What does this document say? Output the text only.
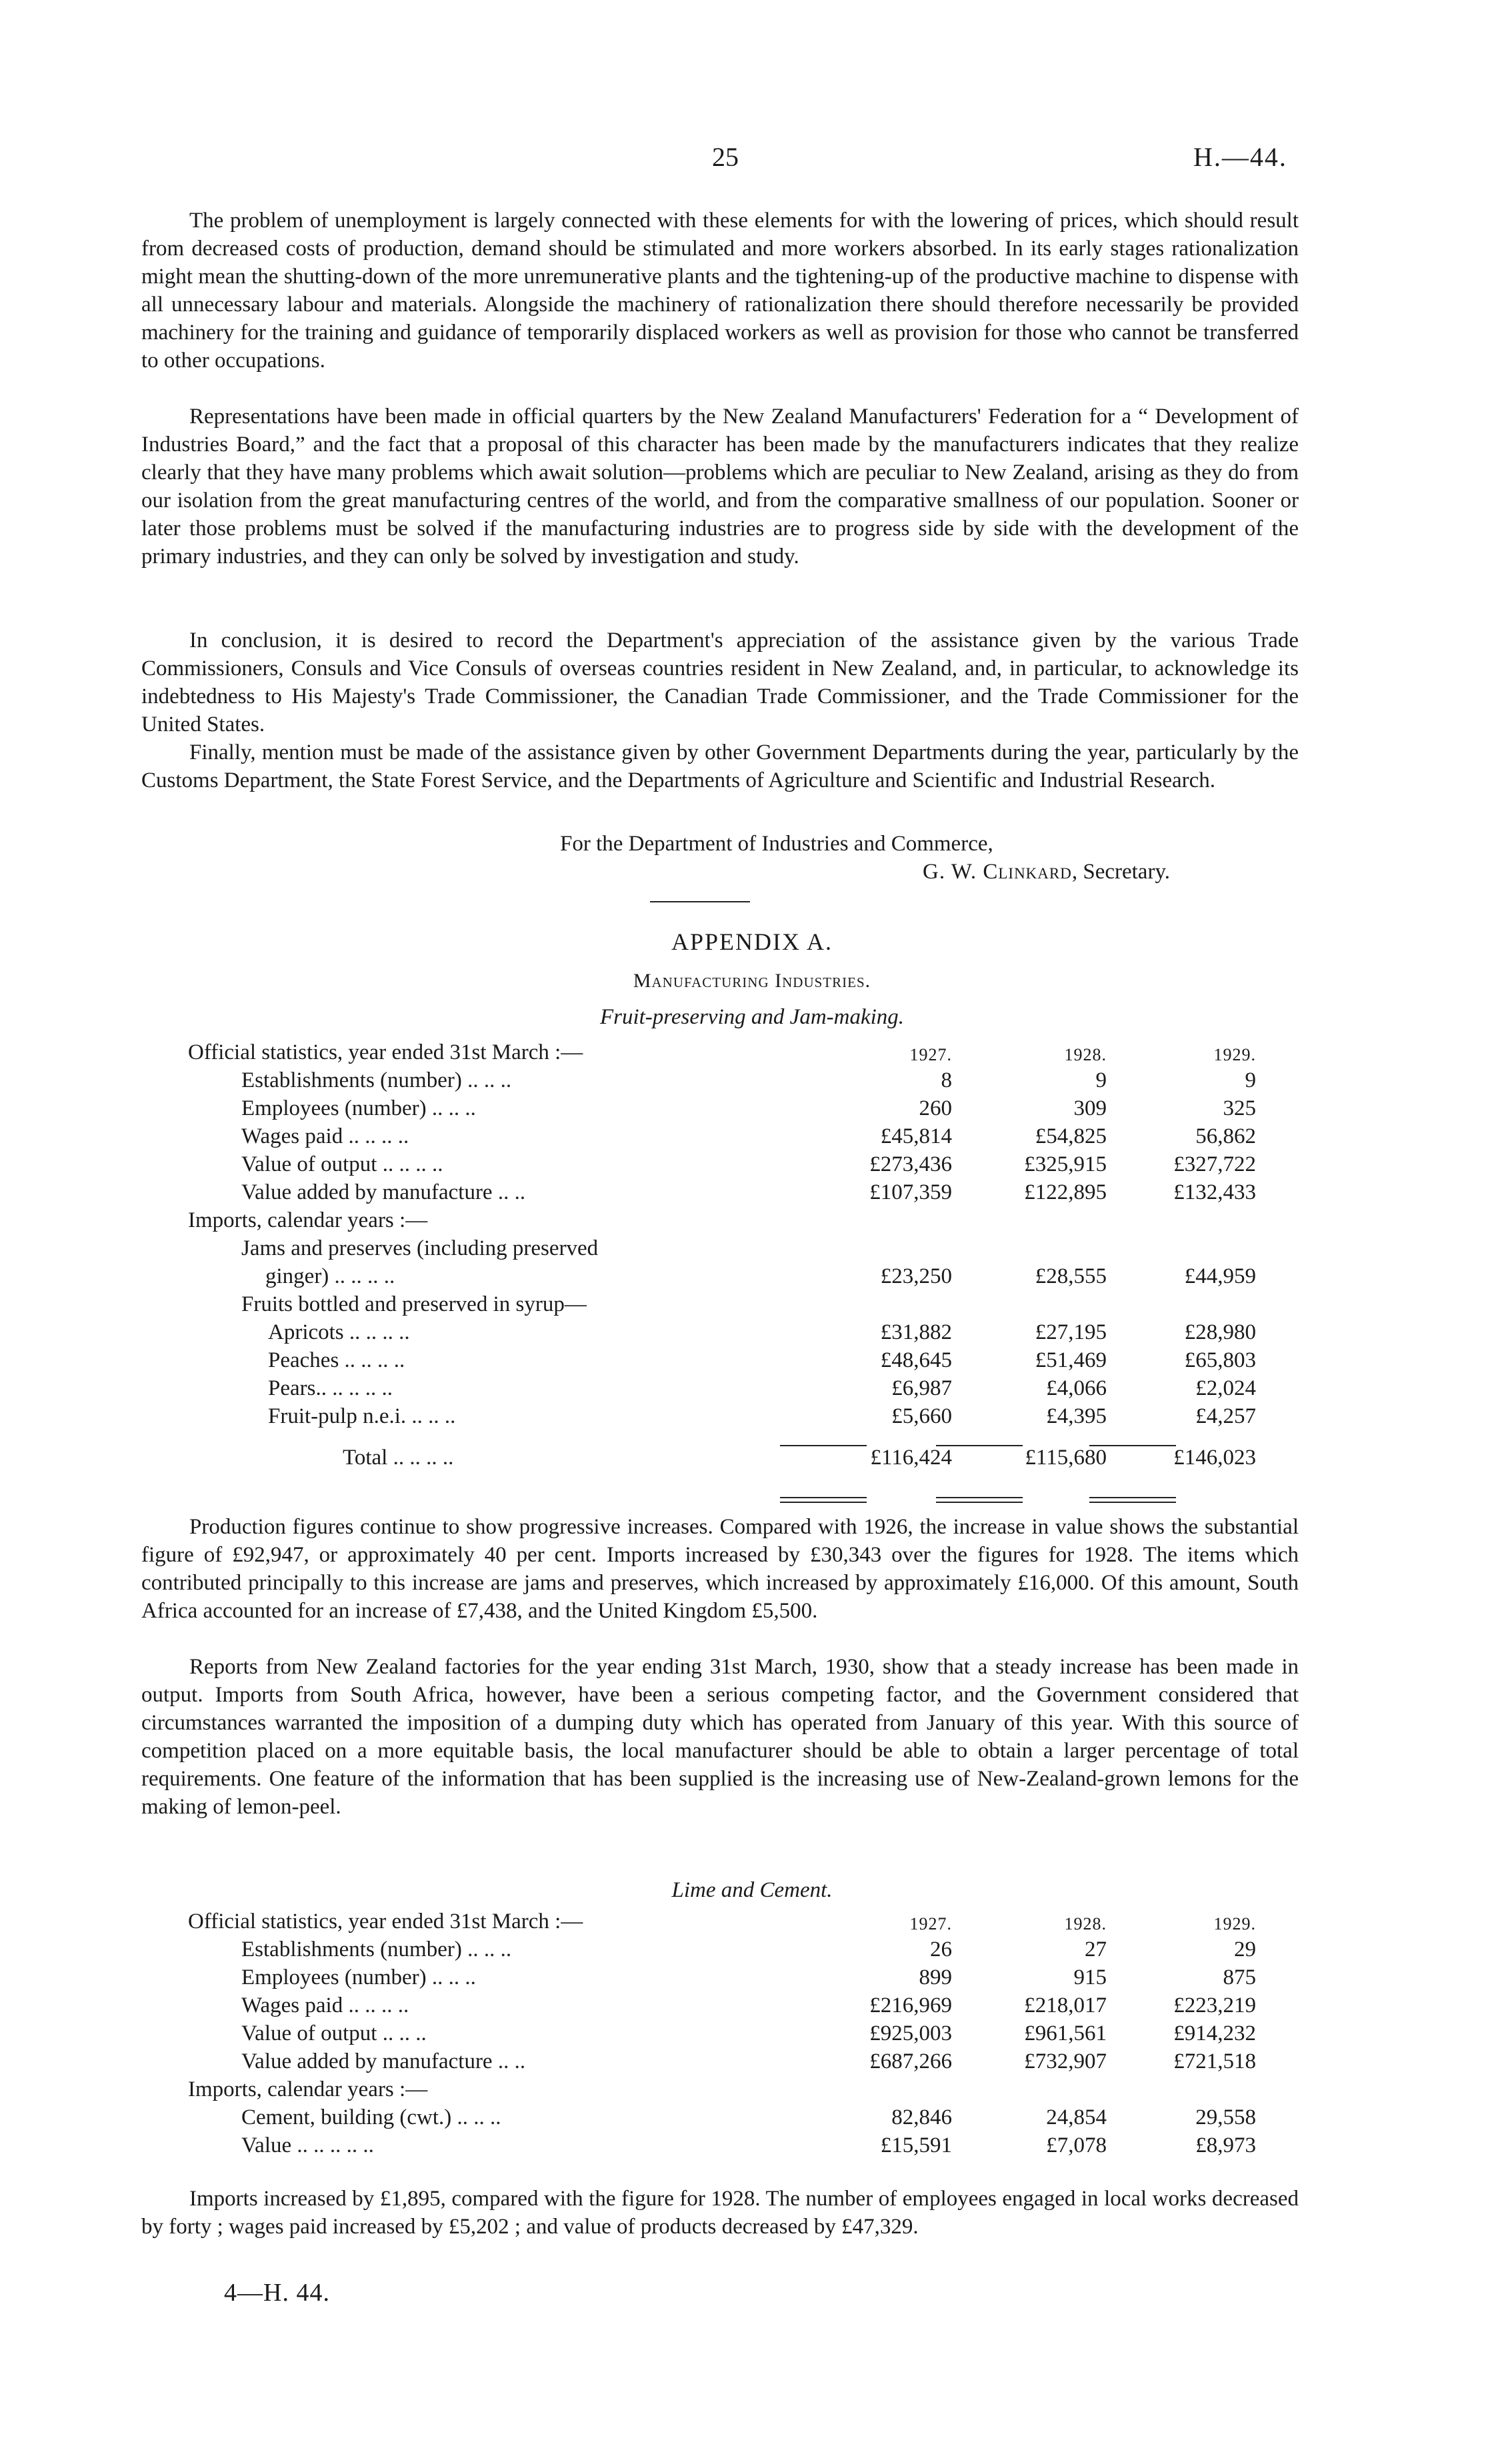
25	H.—44.

The problem of unemployment is largely connected with these elements for with the lowering of prices, which should result from decreased costs of production, demand should be stimulated and more workers absorbed. In its early stages rationalization might mean the shutting-down of the more unremunerative plants and the tightening-up of the productive machine to dispense with all unnecessary labour and materials. Alongside the machinery of rationalization there should therefore necessarily be provided machinery for the training and guidance of temporarily displaced workers as well as provision for those who cannot be transferred to other occupations.

Representations have been made in official quarters by the New Zealand Manufacturers' Federation for a “ Development of Industries Board,” and the fact that a proposal of this character has been made by the manufacturers indicates that they realize clearly that they have many problems which await solution—problems which are peculiar to New Zealand, arising as they do from our isolation from the great manufacturing centres of the world, and from the comparative smallness of our population. Sooner or later those problems must be solved if the manufacturing industries are to progress side by side with the development of the primary industries, and they can only be solved by investigation and study.

In conclusion, it is desired to record the Department's appreciation of the assistance given by the various Trade Commissioners, Consuls and Vice Consuls of overseas countries resident in New Zealand, and, in particular, to acknowledge its indebtedness to His Majesty's Trade Commissioner, the Canadian Trade Commissioner, and the Trade Commissioner for the United States.

Finally, mention must be made of the assistance given by other Government Departments during the year, particularly by the Customs Department, the State Forest Service, and the Departments of Agriculture and Scientific and Industrial Research.

For the Department of Industries and Commerce,
G. W. Clinkard, Secretary.
APPENDIX A.
Manufacturing Industries.
Fruit-preserving and Jam-making.
Official statistics, year ended 31st March :—	1927.	1928.	1929.
Establishments (number) .. .. ..	8	9	9
Employees (number) .. .. ..	260	309	325
Wages paid .. .. .. ..	£45,814	£54,825	56,862
Value of output .. .. .. ..	£273,436	£325,915	£327,722
Value added by manufacture .. ..	£107,359	£122,895	£132,433
Imports, calendar years :—			
Jams and preserves (including preserved			
ginger) .. .. .. ..	£23,250	£28,555	£44,959
Fruits bottled and preserved in syrup—			
Apricots .. .. .. ..	£31,882	£27,195	£28,980
Peaches .. .. .. ..	£48,645	£51,469	£65,803
Pears.. .. .. .. ..	£6,987	£4,066	£2,024
Fruit-pulp n.e.i. .. .. ..	£5,660	£4,395	£4,257

Total .. .. .. ..	£116,424	£115,680	£146,023

Production figures continue to show progressive increases. Compared with 1926, the increase in value shows the substantial figure of £92,947, or approximately 40 per cent. Imports increased by £30,343 over the figures for 1928. The items which contributed principally to this increase are jams and preserves, which increased by approximately £16,000. Of this amount, South Africa accounted for an increase of £7,438, and the United Kingdom £5,500.

Reports from New Zealand factories for the year ending 31st March, 1930, show that a steady increase has been made in output. Imports from South Africa, however, have been a serious competing factor, and the Government considered that circumstances warranted the imposition of a dumping duty which has operated from January of this year. With this source of competition placed on a more equitable basis, the local manufacturer should be able to obtain a larger percentage of total requirements. One feature of the information that has been supplied is the increasing use of New-Zealand-grown lemons for the making of lemon-peel.

Lime and Cement.
Official statistics, year ended 31st March :—	1927.	1928.	1929.
Establishments (number) .. .. ..	26	27	29
Employees (number) .. .. ..	899	915	875
Wages paid .. .. .. ..	£216,969	£218,017	£223,219
Value of output .. .. ..	£925,003	£961,561	£914,232
Value added by manufacture .. ..	£687,266	£732,907	£721,518
Imports, calendar years :—			
Cement, building (cwt.) .. .. ..	82,846	24,854	29,558
Value .. .. .. .. ..	£15,591	£7,078	£8,973

Imports increased by £1,895, compared with the figure for 1928. The number of employees engaged in local works decreased by forty ; wages paid increased by £5,202 ; and value of products decreased by £47,329.

4—H. 44.
